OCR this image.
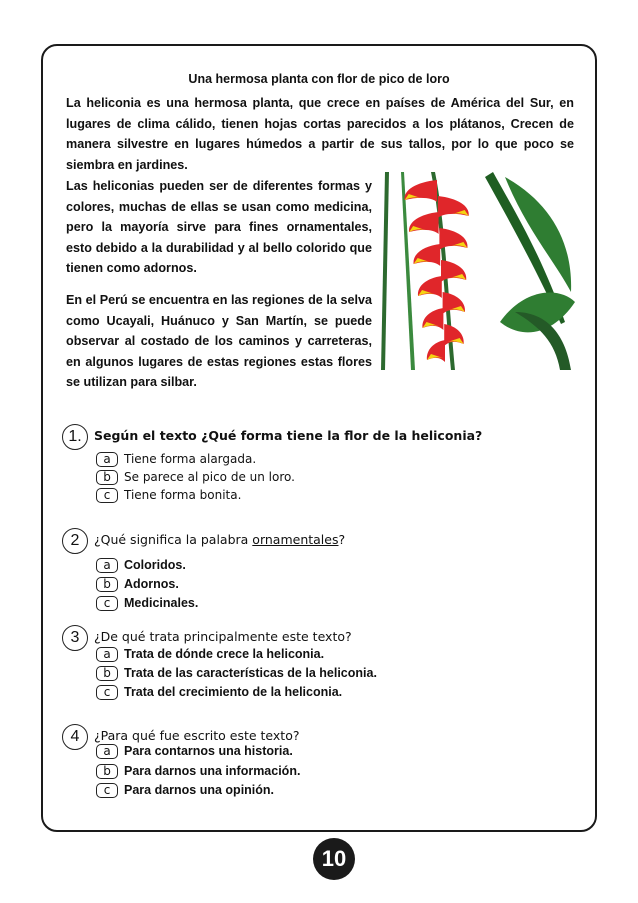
Una hermosa planta con flor de pico de loro
La heliconia es una hermosa planta, que crece en países de América del Sur, en lugares de clima cálido, tienen hojas cortas parecidos a los plátanos, Crecen de manera silvestre en lugares húmedos a partir de sus tallos, por lo que poco se siembra en jardines.
Las heliconias pueden ser de diferentes formas y colores, muchas de ellas se usan como medicina, pero la mayoría sirve para fines ornamentales, esto debido a la durabilidad y al bello colorido que tienen como adornos.
En el Perú se encuentra en las regiones de la selva como Ucayali, Huánuco y San Martín, se puede observar al costado de los caminos y carreteras, en algunos lugares de estas regiones estas flores se utilizan para silbar.
1. Según el texto ¿Qué forma tiene la flor de la heliconia?
a	Tiene forma alargada.
b	Se parece al pico de un loro.
c	Tiene forma bonita.
2	¿Qué significa la palabra ornamentales?
a	Coloridos.
b	Adornos.
c	Medicinales.
3	¿De qué trata principalmente este texto?
a	Trata de dónde crece la heliconia.
b	Trata de las características de la heliconia.
c	Trata del crecimiento de la heliconia.
4	¿Para qué fue escrito este texto?
a	Para contarnos una historia.
b	Para darnos una información.
c	Para darnos una opinión.
10
